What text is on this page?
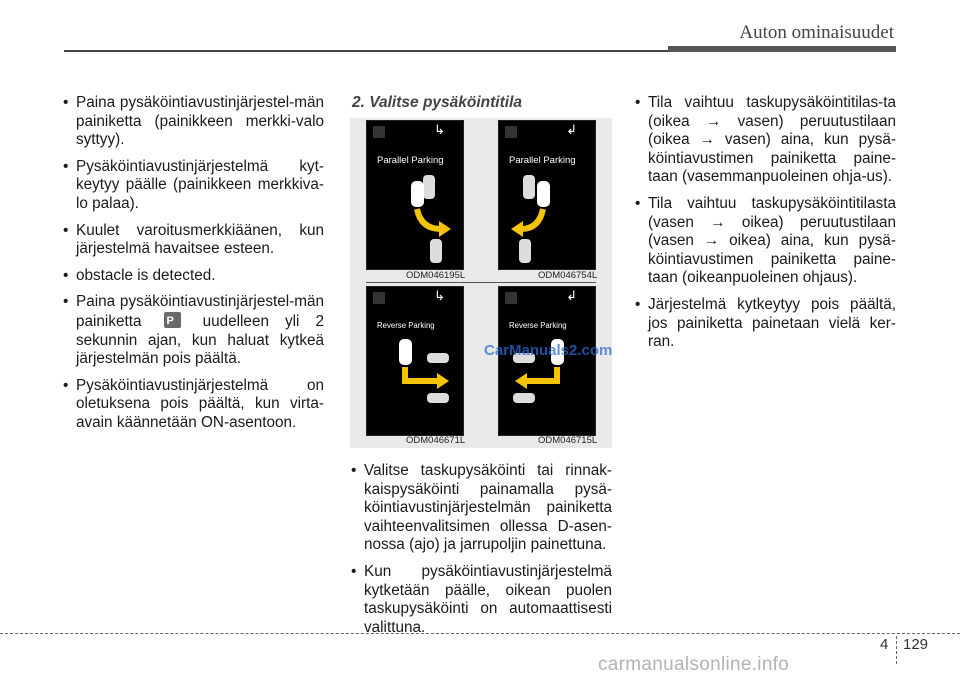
Auton ominaisuudet
• Paina pysäköintiavustinjärjestel-män painiketta (painikkeen merkki-valo syttyy).
• Pysäköintiavustinjärjestelmä kyt-keytyy päälle (painikkeen merkkiva-lo palaa).
• Kuulet varoitusmerkkiäänen, kun järjestelmä havaitsee esteen.
• obstacle is detected.
• Paina pysäköintiavustinjärjestel-män painiketta P	uudelleen yli 2 sekunnin ajan, kun haluat kytkeä järjestelmän pois päältä.
• Pysäköintiavustinjärjestelmä on oletuksena pois päältä, kun virta-avain käännetään ON-asentoon.
2. Valitse pysäköintitila
↳
Parallel Parking
↲
Parallel Parking
↳
Reverse Parking
↲
Reverse Parking
ODM046195L	ODM046754L
ODM046671L	ODM046715L
CarManuals2.com
• Valitse taskupysäköinti tai rinnak-kaispysäköinti painamalla pysä-köintiavustinjärjestelmän painiketta vaihteenvalitsimen ollessa D-asen-nossa (ajo) ja jarrupoljin painettuna.
• Kun pysäköintiavustinjärjestelmä kytketään päälle, oikean puolen taskupysäköinti on automaattisesti valittuna.
• Tila vaihtuu taskupysäköintitilas-ta (oikea → vasen) peruutustilaan (oikea → vasen) aina, kun pysä-köintiavustimen painiketta paine-taan (vasemmanpuoleinen ohja-us).
• Tila vaihtuu taskupysäköintitilasta (vasen → oikea) peruutustilaan (vasen → oikea) aina, kun pysä-köintiavustimen painiketta paine-taan (oikeanpuoleinen ohjaus).
• Järjestelmä kytkeytyy pois päältä, jos painiketta painetaan vielä ker-ran.
4 129
carmanualsonline.info
